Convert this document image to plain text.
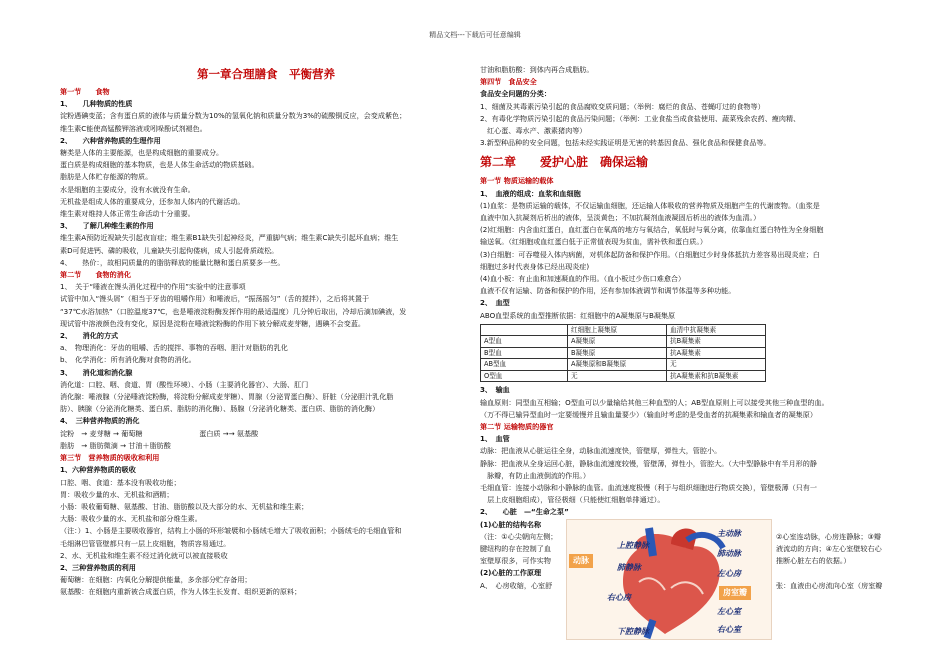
精品文档---下载后可任意编辑
第一章合理膳食　平衡营养
第一节　　食物
1、　　几种物质的性质
淀粉遇碘变蓝；含有蛋白质的液体与质量分数为10%的氢氧化钠和质量分数为3%的硫酸铜反应，会变成紫色；
维生素C能使高锰酸钾溶液或吲哚酚试剂褪色。
2、　　六种营养物质的生理作用
糖类是人体的主要能源，也是构成细胞的重要成分。
蛋白质是构成细胞的基本物质，也是人体生命活动的物质基础。
脂肪是人体贮存能源的物质。
水是细胞的主要成分，没有水就没有生命。
无机盐是组成人体的重要成分，还参加人体内的代谢活动。
维生素对维持人体正常生命活动十分重要。
3、　　了解几种维生素的作用
维生素A预防近视缺失引起夜盲症；维生素B1缺失引起神经炎，严重脚气病；维生素C缺失引起坏血病；维生
素D可促进钙、磷的吸收，儿童缺失引起佝偻病，成人引起骨质疏松。
4、　　热价：，故相同质量的的脂肪释放的能量比糖和蛋白质要多一些。
第二节　　食物的消化
1、　关于“唾液在馒头消化过程中的作用”实验中的注意事项
试管中加入“馒头屑”（相当于牙齿的咀嚼作用）和唾液后，“振荡摇匀”（舌的搅拌），之后将其置于
“37℃水浴加热”（口腔温度37℃，也是唾液淀粉酶发挥作用的最适温度）几分钟后取出，冷却后滴加碘液，发
现试管中溶液颜色没有变化，原因是淀粉在唾液淀粉酶的作用下被分解成麦芽糖，遇碘不会变蓝。
2、　　消化的方式
a、　物理消化：牙齿的咀嚼、舌的搅拌、事物的吞咽、胆汁对脂肪的乳化
b、　化学消化：所有消化酶对食物的消化。
3、　　消化道和消化腺
消化道：口腔、咽、食道、胃（酸性环境）、小肠（主要消化器官）、大肠、肛门
消化腺：唾液腺（分泌唾液淀粉酶，将淀粉分解成麦芽糖）、胃腺（分泌胃蛋白酶）、肝脏（分泌胆汁乳化脂
肪）、胰腺（分泌消化糖类、蛋白质、脂肪的消化酶）、肠腺（分泌消化糖类、蛋白质、脂肪的消化酶）
4、　三种营养物质的消化
淀粉　→ 麦芽糖 → 葡萄糖　　　　　　　　蛋白质 →→ 氨基酸
脂肪　→ 脂肪微滴 → 甘油＋脂肪酸
第三节　营养物质的吸收和利用
1、六种营养物质的吸收
口腔、咽、食道：基本没有吸收功能；
胃：吸收少量的水、无机盐和酒精；
小肠：吸收葡萄糖、氨基酸、甘油、脂肪酸以及大部分的水、无机盐和维生素；
大肠：吸收少量的水、无机盐和部分维生素。
（注：）1、小肠是主要吸收器官，结构上小肠的环形皱襞和小肠绒毛增大了吸收面积；小肠绒毛的毛细血管和
毛细淋巴管管壁都只有一层上皮细胞，物质容易通过。
2、水、无机盐和维生素不经过消化就可以被直接吸收
2、三种营养物质的利用
葡萄糖：在细胞：内氧化分解提供能量，多余部分贮存备用；
氨基酸：在细胞内重新被合成蛋白质，作为人体生长发育、组织更新的原料；
甘油和脂肪酸：到体内再合成脂肪。
第四节　食品安全
食品安全问题的分类：
1、细菌及其毒素污染引起的食品腐败变质问题；（举例：腐烂的食品、苍蝇叮过的食物等）
2、有毒化学物质污染引起的食品污染问题；（举例：工业食盐当成食盐使用、蔬菜残余农药、瘦肉精、
　红心蛋、毒水产、激素猪肉等）
3.新型种品种的安全问题，包括未经实践证明是无害的转基因食品、强化食品和保健食品等。
第二章　　爱护心脏　确保运输
第一节 物质运输的载体
1、　血液的组成：血浆和血细胞
(1)血浆：是物质运输的载体，不仅运输血细胞，还运输人体吸收的营养物质及细胞产生的代谢废物。（血浆是
血液中加入抗凝剂后析出的液体，呈淡黄色；不加抗凝剂血液凝固后析出的液体为血清。）
(2)红细胞：内含血红蛋白，血红蛋白在氧高的地方与氧结合，氧低时与氧分离，依靠血红蛋白特性为全身细胞
输送氧。（红细胞或血红蛋白低于正常值表现为贫血，需补铁和蛋白质。）
(3)白细胞：可吞噬侵入体内病菌，对机体起防备和保护作用。（白细胞过少时身体抵抗力差容易出现炎症；白
细胞过多时代表身体已经出现炎症)
(4)血小板：有止血和加速凝血的作用。（血小板过少伤口难愈合）
血液不仅有运输、防备和保护的作用，还有参加体液调节和调节体温等多种功能。
2、　血型
ABO血型系统的血型推断依据：红细胞中的A凝集原与B凝集原
	红细胞上凝集原	血清中抗凝集素
A型血	A凝集原	抗B凝集素
B型血	B凝集原	抗A凝集素
AB型血	A凝集原和B凝集原	无
O型血	无	抗A凝集素和抗B凝集素
3、　输血
输血原则：同型血互相输；O型血可以少量输给其他三种血型的人；AB型血原则上可以接受其他三种血型的血。
（万不得已输异型血时一定要缓慢并且输血量要少）（输血时考虑的是受血者的抗凝集素和输血者的凝集原）
第二节 运输物质的器官
1、　血管
动脉：把血液从心脏运往全身，动脉血流速度快，管壁厚，弹性大，管腔小。
静脉：把血液从全身运回心脏，静脉血流速度较慢，管壁薄，弹性小，管腔大。（大中型静脉中有半月形的静
　脉瓣，有防止血液倒流的作用。）
毛细血管：连接小动脉和小静脉的血管。血流速度极慢（利于与组织细胞进行物质交换），管壁极薄（只有一
　层上皮细胞组成），管径极细（只能使红细胞单排通过）。
2、　　心脏　—“生命之泵”
(1)心脏的结构名称
（注：①心尖朝向左侧；
腱纽构的存在控制了血
室壁厚很多，可作实物
(2)心脏的工作原理
A、　心房收缩，心室舒
动脉
上腔静脉
肺静脉
右心房
下腔静脉
主动脉
肺动脉
左心房
房室瓣
左心室
右心室

②心室连动脉，心房连静脉；③瓣
液流动的方向；④左心室壁较右心
推断心脏左右的依据。）

张：血液由心房流向心室（房室瓣
